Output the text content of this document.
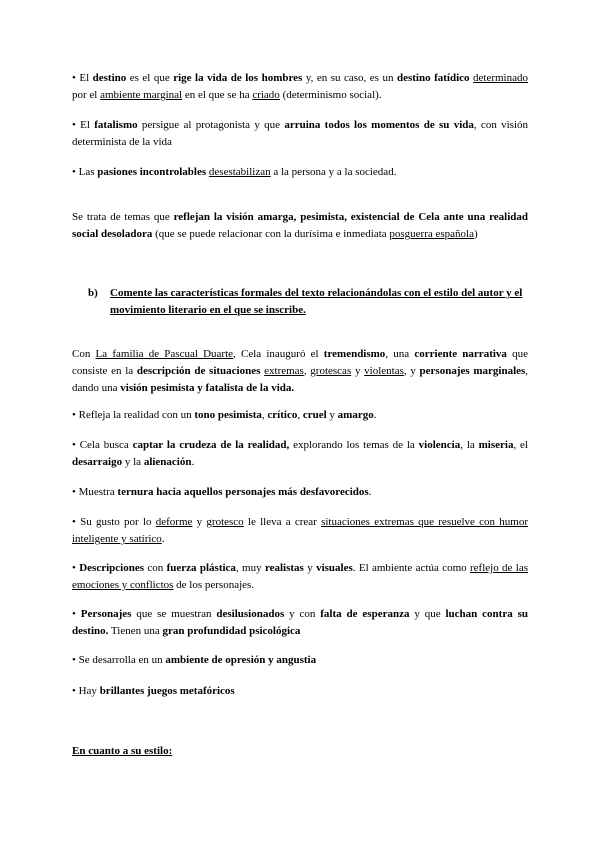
• El destino es el que rige la vida de los hombres y, en su caso, es un destino fatídico determinado por el ambiente marginal en el que se ha criado (determinismo social).

• El fatalismo persigue al protagonista y que arruina todos los momentos de su vida, con visión determinista de la vida

• Las pasiones incontrolables desestabilizan a la persona y a la sociedad.

Se trata de temas que reflejan la visión amarga, pesimista, existencial de Cela ante una realidad social desoladora (que se puede relacionar con la durísima e inmediata posguerra española)

b) Comente las características formales del texto relacionándolas con el estilo del autor y el
movimiento literario en el que se inscribe.

Con La familia de Pascual Duarte, Cela inauguró el tremendismo, una corriente narrativa que consiste en la descripción de situaciones extremas, grotescas y violentas, y personajes marginales, dando una visión pesimista y fatalista de la vida.

• Refleja la realidad con un tono pesimista, crítico, cruel y amargo.

• Cela busca captar la crudeza de la realidad, explorando los temas de la violencia, la miseria, el desarraigo y la alienación.

• Muestra ternura hacia aquellos personajes más desfavorecidos.

• Su gusto por lo deforme y grotesco le lleva a crear situaciones extremas que resuelve con humor inteligente y satírico.

• Descripciones con fuerza plástica, muy realistas y visuales. El ambiente actúa como reflejo de las emociones y conflictos de los personajes.

• Personajes que se muestran desilusionados y con falta de esperanza y que luchan contra su destino. Tienen una gran profundidad psicológica

• Se desarrolla en un ambiente de opresión y angustia

• Hay brillantes juegos metafóricos

En cuanto a su estilo:
